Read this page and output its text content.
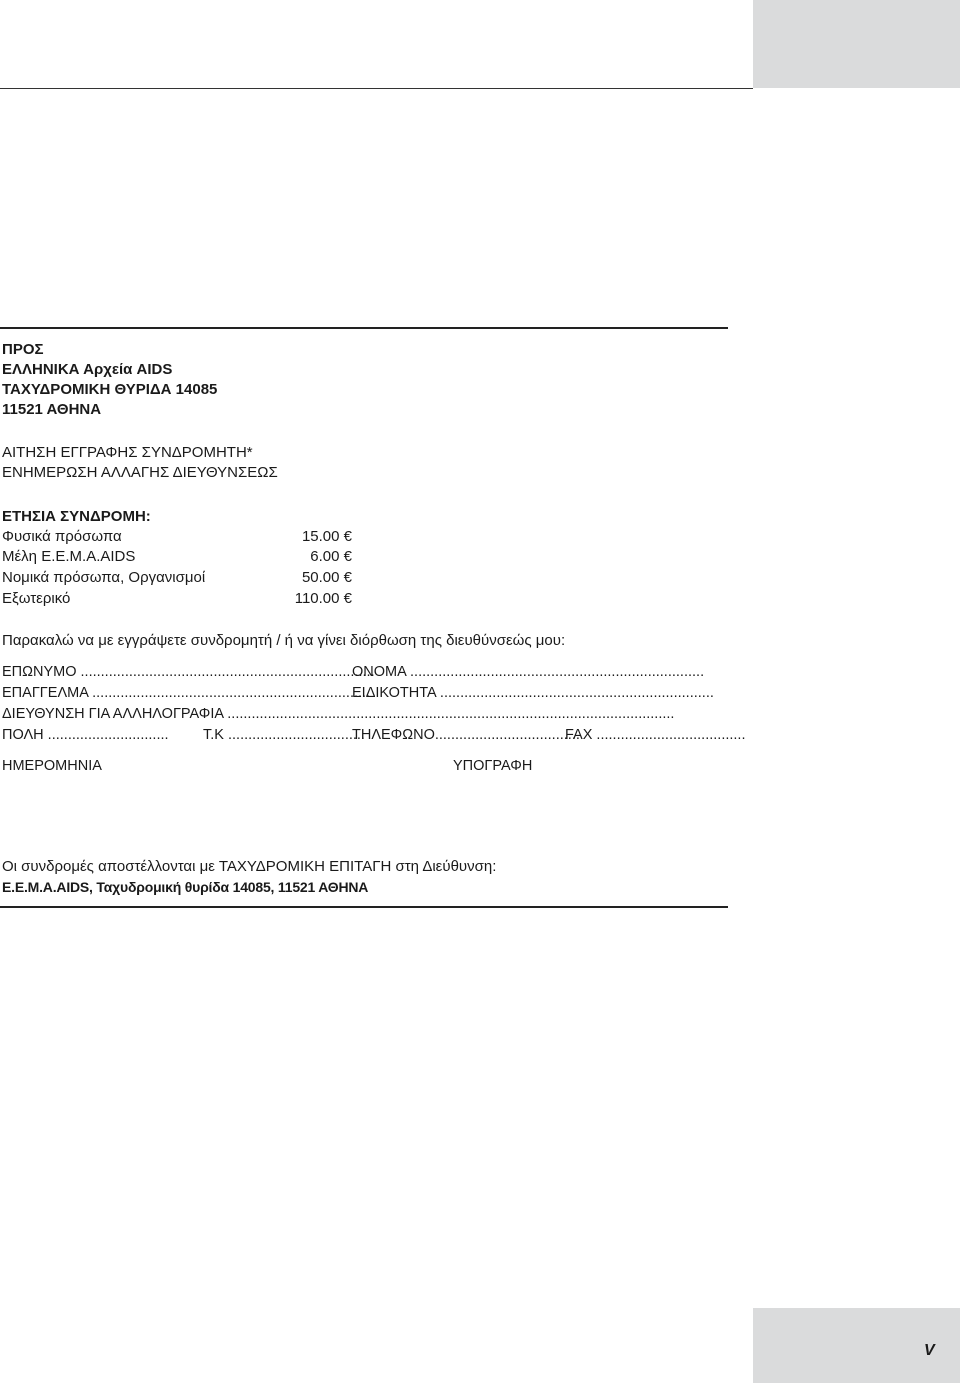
ΠΡΟΣ
ΕΛΛΗΝΙΚΑ Αρχεία AIDS
ΤΑΧΥΔΡΟΜΙΚΗ ΘΥΡΙΔΑ 14085
11521 ΑΘΗΝΑ
ΑΙΤΗΣΗ ΕΓΓΡΑΦΗΣ ΣΥΝΔΡΟΜΗΤΗ*
ΕΝΗΜΕΡΩΣΗ ΑΛΛΑΓΗΣ ΔΙΕΥΘΥΝΣΕΩΣ
ΕΤΗΣΙΑ ΣΥΝΔΡΟΜΗ:
Φυσικά πρόσωπα	15.00 €
Μέλη Ε.Ε.Μ.Α.AIDS	6.00 €
Νομικά πρόσωπα, Οργανισμοί	50.00 €
Εξωτερικό	110.00 €
Παρακαλώ να με εγγράψετε συνδρομητή / ή να γίνει διόρθωση της διευθύνσεώς μου:
ΕΠΩΝΥΜΟ .........................................................................
ΟΝΟΜΑ .........................................................................
ΕΠΑΓΓΕΛΜΑ .....................................................................
ΕΙΔΙΚΟΤΗΤΑ ....................................................................
ΔΙΕΥΘΥΝΣΗ ΓΙΑ ΑΛΛΗΛΟΓΡΑΦΙΑ ...............................................................................................................
ΠΟΛΗ .............................. Τ.Κ ..................................
ΤΗΛΕΦΩΝΟ....................................
FAX .....................................
ΗΜΕΡΟΜΗΝΙΑ	ΥΠΟΓΡΑΦΗ
Οι συνδρομές αποστέλλονται με ΤΑΧΥΔΡΟΜΙΚΗ ΕΠΙΤΑΓΗ στη Διεύθυνση:
Ε.Ε.Μ.Α.AIDS, Ταχυδρομική θυρίδα 14085, 11521 ΑΘΗΝΑ
V
